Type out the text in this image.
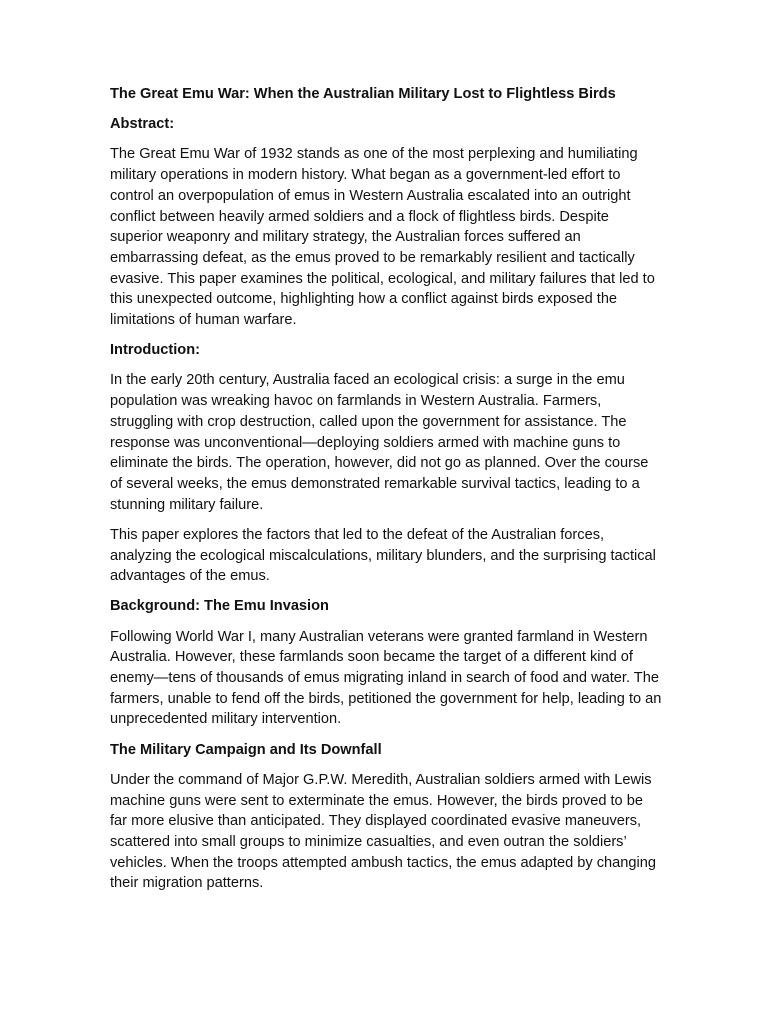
The Great Emu War: When the Australian Military Lost to Flightless Birds
Abstract:
The Great Emu War of 1932 stands as one of the most perplexing and humiliating military operations in modern history. What began as a government-led effort to control an overpopulation of emus in Western Australia escalated into an outright conflict between heavily armed soldiers and a flock of flightless birds. Despite superior weaponry and military strategy, the Australian forces suffered an embarrassing defeat, as the emus proved to be remarkably resilient and tactically evasive. This paper examines the political, ecological, and military failures that led to this unexpected outcome, highlighting how a conflict against birds exposed the limitations of human warfare.
Introduction:
In the early 20th century, Australia faced an ecological crisis: a surge in the emu population was wreaking havoc on farmlands in Western Australia. Farmers, struggling with crop destruction, called upon the government for assistance. The response was unconventional—deploying soldiers armed with machine guns to eliminate the birds. The operation, however, did not go as planned. Over the course of several weeks, the emus demonstrated remarkable survival tactics, leading to a stunning military failure.
This paper explores the factors that led to the defeat of the Australian forces, analyzing the ecological miscalculations, military blunders, and the surprising tactical advantages of the emus.
Background: The Emu Invasion
Following World War I, many Australian veterans were granted farmland in Western Australia. However, these farmlands soon became the target of a different kind of enemy—tens of thousands of emus migrating inland in search of food and water. The farmers, unable to fend off the birds, petitioned the government for help, leading to an unprecedented military intervention.
The Military Campaign and Its Downfall
Under the command of Major G.P.W. Meredith, Australian soldiers armed with Lewis machine guns were sent to exterminate the emus. However, the birds proved to be far more elusive than anticipated. They displayed coordinated evasive maneuvers, scattered into small groups to minimize casualties, and even outran the soldiers’ vehicles. When the troops attempted ambush tactics, the emus adapted by changing their migration patterns.
